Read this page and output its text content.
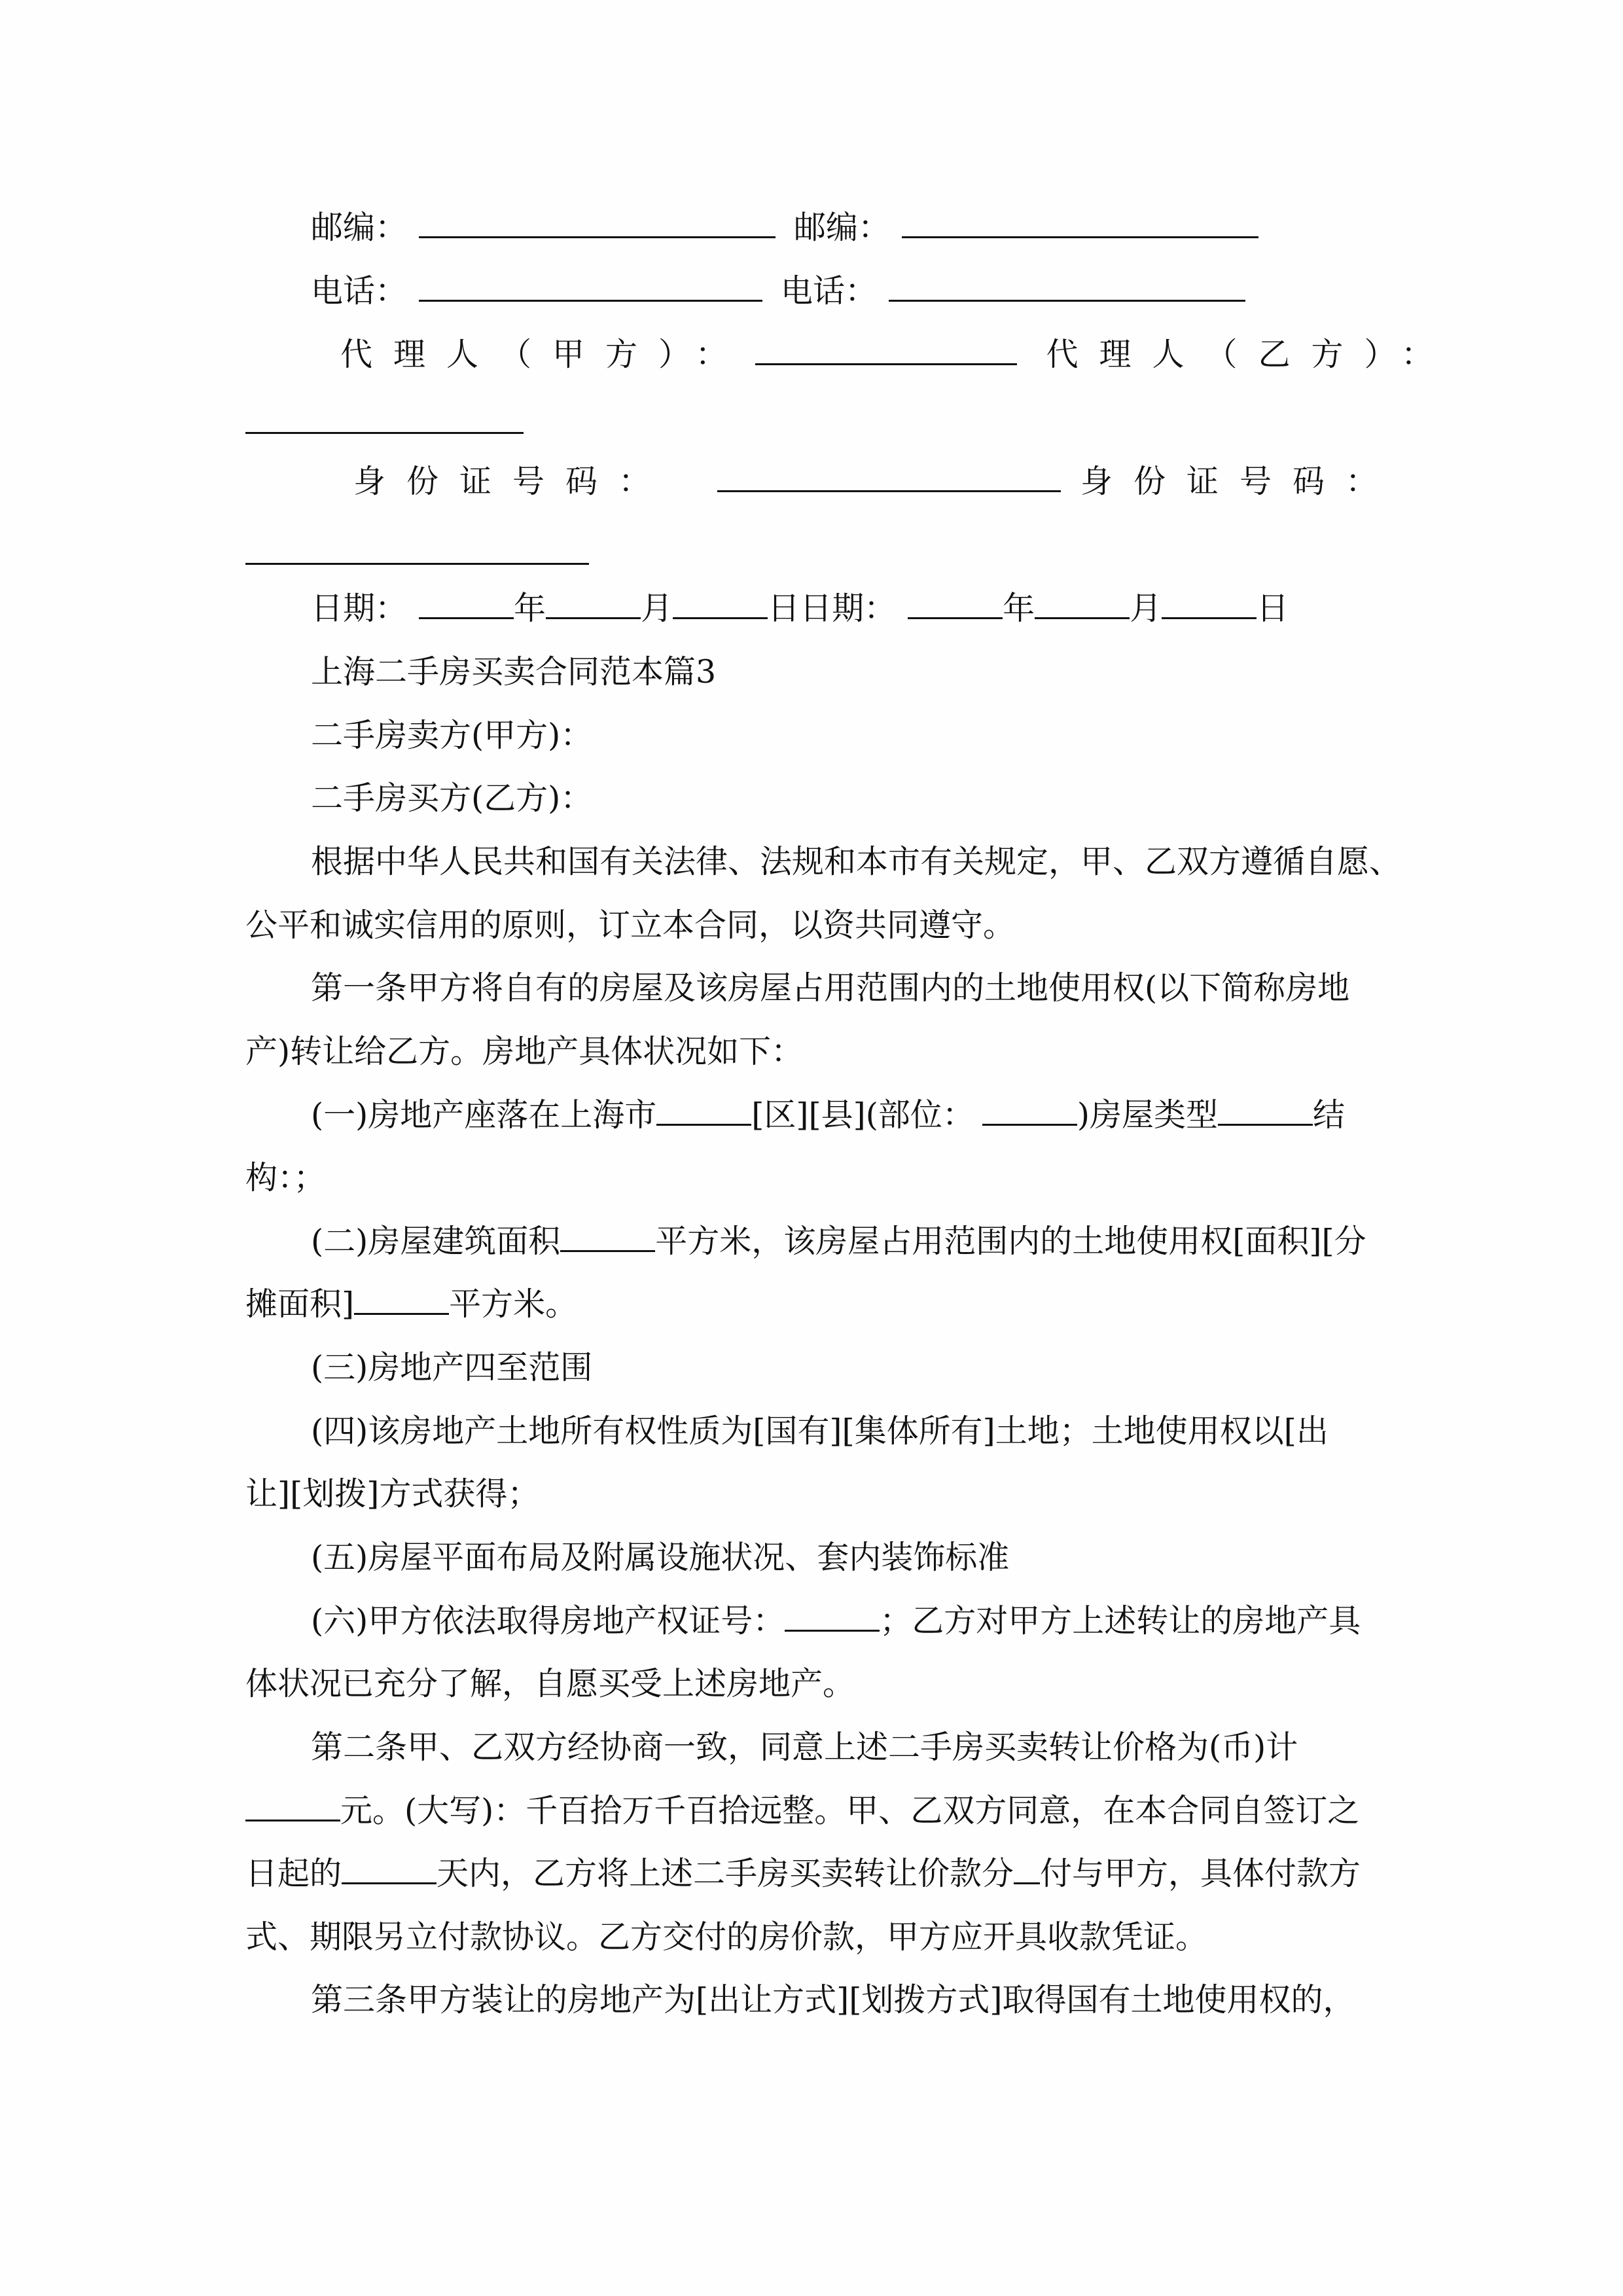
邮编：	邮编：
电话：	电话：
代理人（甲方）：	代理人（乙方）：
身份证号码：	身份证号码：
日期：	年	月	日日期：	年	月	日
上海二手房买卖合同范本篇3
二手房卖方(甲方)：
二手房买方(乙方)：
根据中华人民共和国有关法律、法规和本市有关规定，甲、乙双方遵循自愿、
公平和诚实信用的原则，订立本合同，以资共同遵守。
第一条甲方将自有的房屋及该房屋占用范围内的土地使用权(以下简称房地
产)转让给乙方。房地产具体状况如下：
(一)房地产座落在上海市	[区][县](部位：	)房屋类型	结
构：；
(二)房屋建筑面积	平方米，该房屋占用范围内的土地使用权[面积][分
摊面积]	平方米。
(三)房地产四至范围
(四)该房地产土地所有权性质为[国有][集体所有]土地；土地使用权以[出
让][划拨]方式获得；
(五)房屋平面布局及附属设施状况、套内装饰标准
(六)甲方依法取得房地产权证号：	；乙方对甲方上述转让的房地产具
体状况已充分了解，自愿买受上述房地产。
第二条甲、乙双方经协商一致，同意上述二手房买卖转让价格为(币)计
元。(大写)：千百拾万千百拾远整。甲、乙双方同意，在本合同自签订之
日起的	天内，乙方将上述二手房买卖转让价款分 付与甲方，具体付款方
式、期限另立付款协议。乙方交付的房价款，甲方应开具收款凭证。
第三条甲方装让的房地产为[出让方式][划拨方式]取得国有土地使用权的，
